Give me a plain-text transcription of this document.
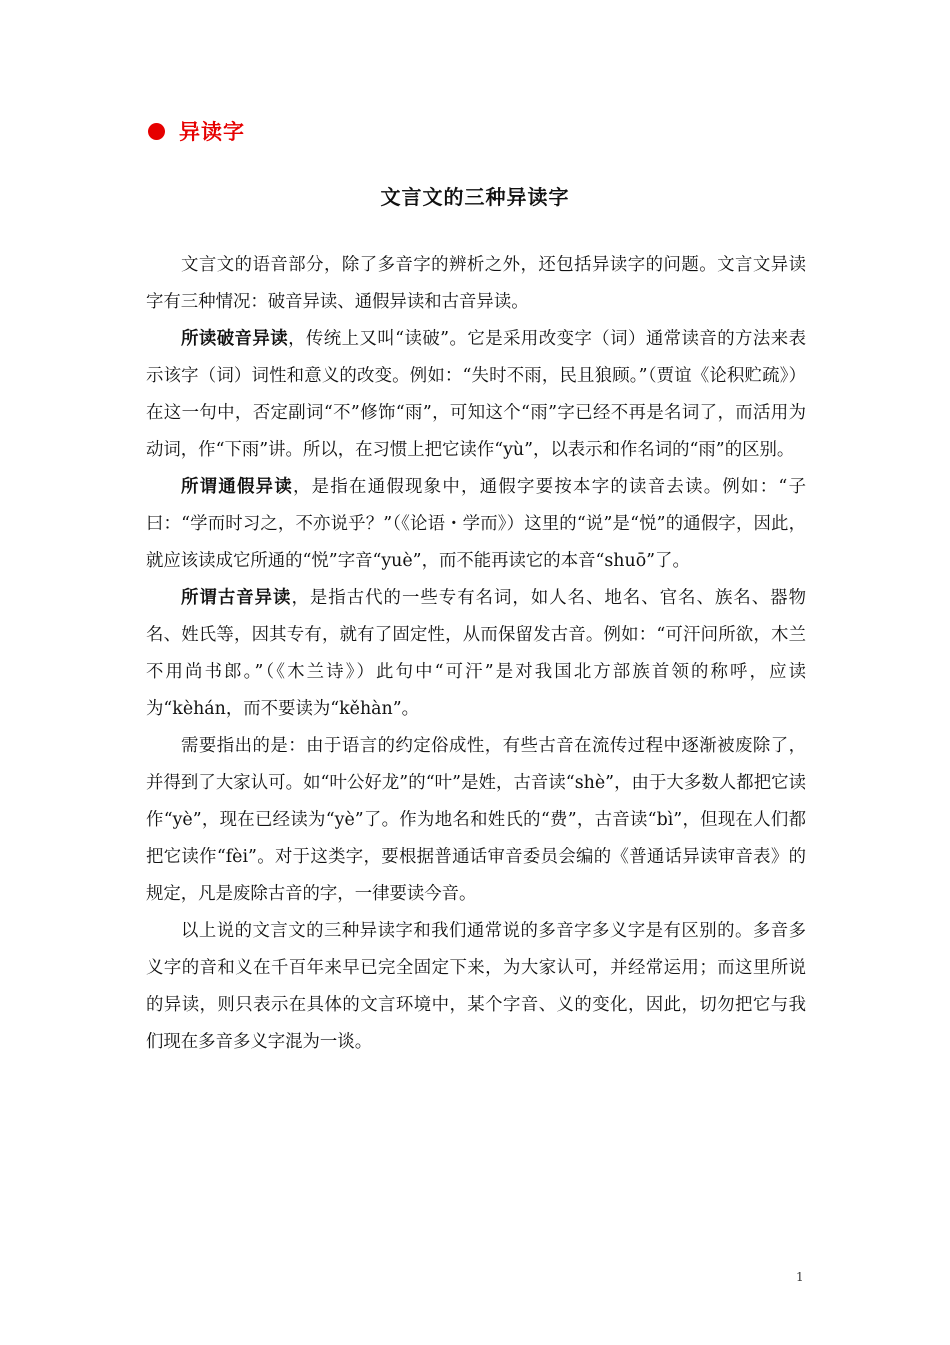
异读字
文言文的三种异读字

文言文的语音部分，除了多音字的辨析之外，还包括异读字的问题。文言文异读字有三种情况：破音异读、通假异读和古音异读。

所读破音异读，传统上又叫“读破”。它是采用改变字（词）通常读音的方法来表示该字（词）词性和意义的改变。例如：“失时不雨，民且狼顾。”（贾谊《论积贮疏》）在这一句中，否定副词“不”修饰“雨”，可知这个“雨”字已经不再是名词了，而活用为动词，作“下雨”讲。所以，在习惯上把它读作“yù”，以表示和作名词的“雨”的区别。

所谓通假异读，是指在通假现象中，通假字要按本字的读音去读。例如：“子曰：“学而时习之，不亦说乎？”（《论语・学而》）这里的“说”是“悦”的通假字，因此，就应该读成它所通的“悦”字音“yuè”，而不能再读它的本音“shuō”了。

所谓古音异读，是指古代的一些专有名词，如人名、地名、官名、族名、器物名、姓氏等，因其专有，就有了固定性，从而保留发古音。例如：“可汗问所欲，木兰不用尚书郎。”（《木兰诗》）此句中“可汗”是对我国北方部族首领的称呼，应读为“kèhán，而不要读为“kěhàn”。

需要指出的是：由于语言的约定俗成性，有些古音在流传过程中逐渐被废除了，并得到了大家认可。如“叶公好龙”的“叶”是姓，古音读“shè”，由于大多数人都把它读作“yè”，现在已经读为“yè”了。作为地名和姓氏的“费”，古音读“bì”，但现在人们都把它读作“fèi”。对于这类字，要根据普通话审音委员会编的《普通话异读审音表》的规定，凡是废除古音的字，一律要读今音。

以上说的文言文的三种异读字和我们通常说的多音字多义字是有区别的。多音多义字的音和义在千百年来早已完全固定下来，为大家认可，并经常运用；而这里所说的异读，则只表示在具体的文言环境中，某个字音、义的变化，因此，切勿把它与我们现在多音多义字混为一谈。

1
